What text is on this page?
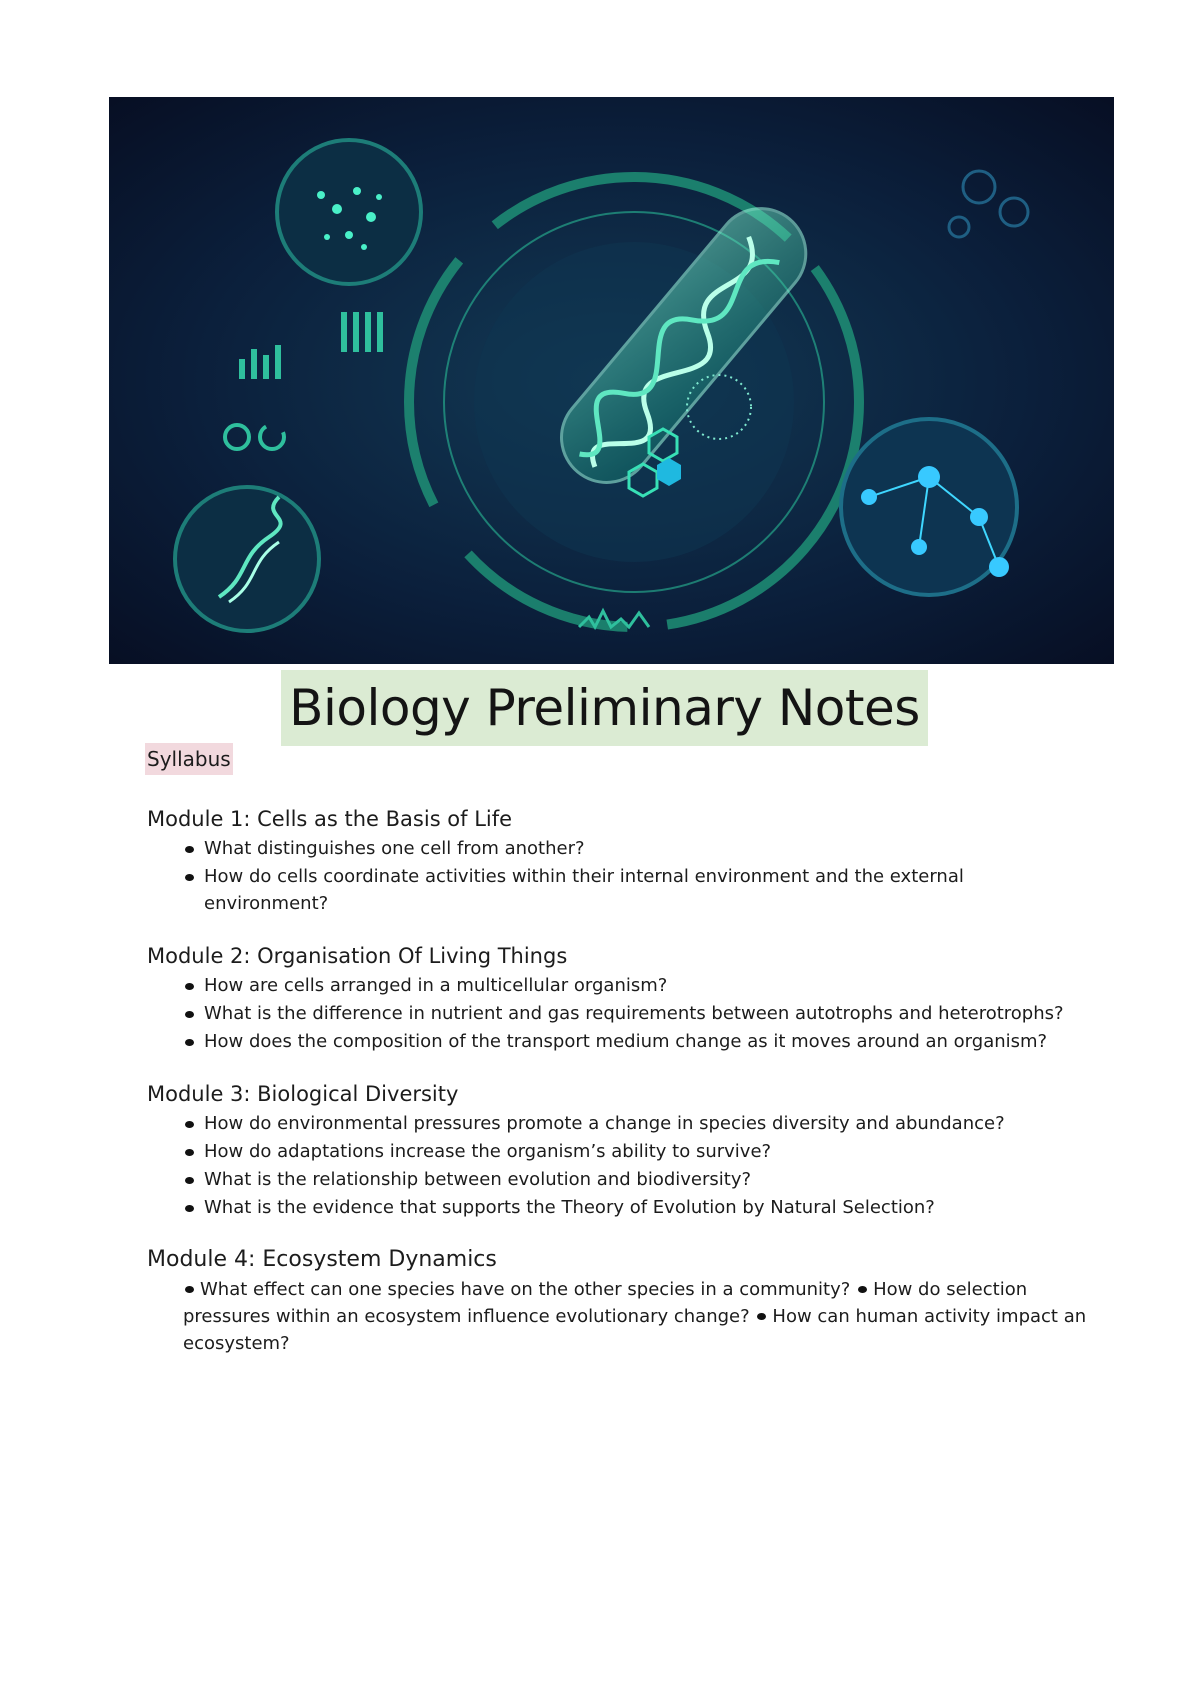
Biology Preliminary Notes
Syllabus
Module 1: Cells as the Basis of Life
What distinguishes one cell from another?
How do cells coordinate activities within their internal environment and the external environment?
Module 2: Organisation Of Living Things
How are cells arranged in a multicellular organism?
What is the difference in nutrient and gas requirements between autotrophs and heterotrophs?
How does the composition of the transport medium change as it moves around an organism?
Module 3: Biological Diversity
How do environmental pressures promote a change in species diversity and abundance?
How do adaptations increase the organism’s ability to survive?
What is the relationship between evolution and biodiversity?
What is the evidence that supports the Theory of Evolution by Natural Selection?
Module 4: Ecosystem Dynamics
What effect can one species have on the other species in a community? How do selection pressures within an ecosystem influence evolutionary change? How can human activity impact an ecosystem?
